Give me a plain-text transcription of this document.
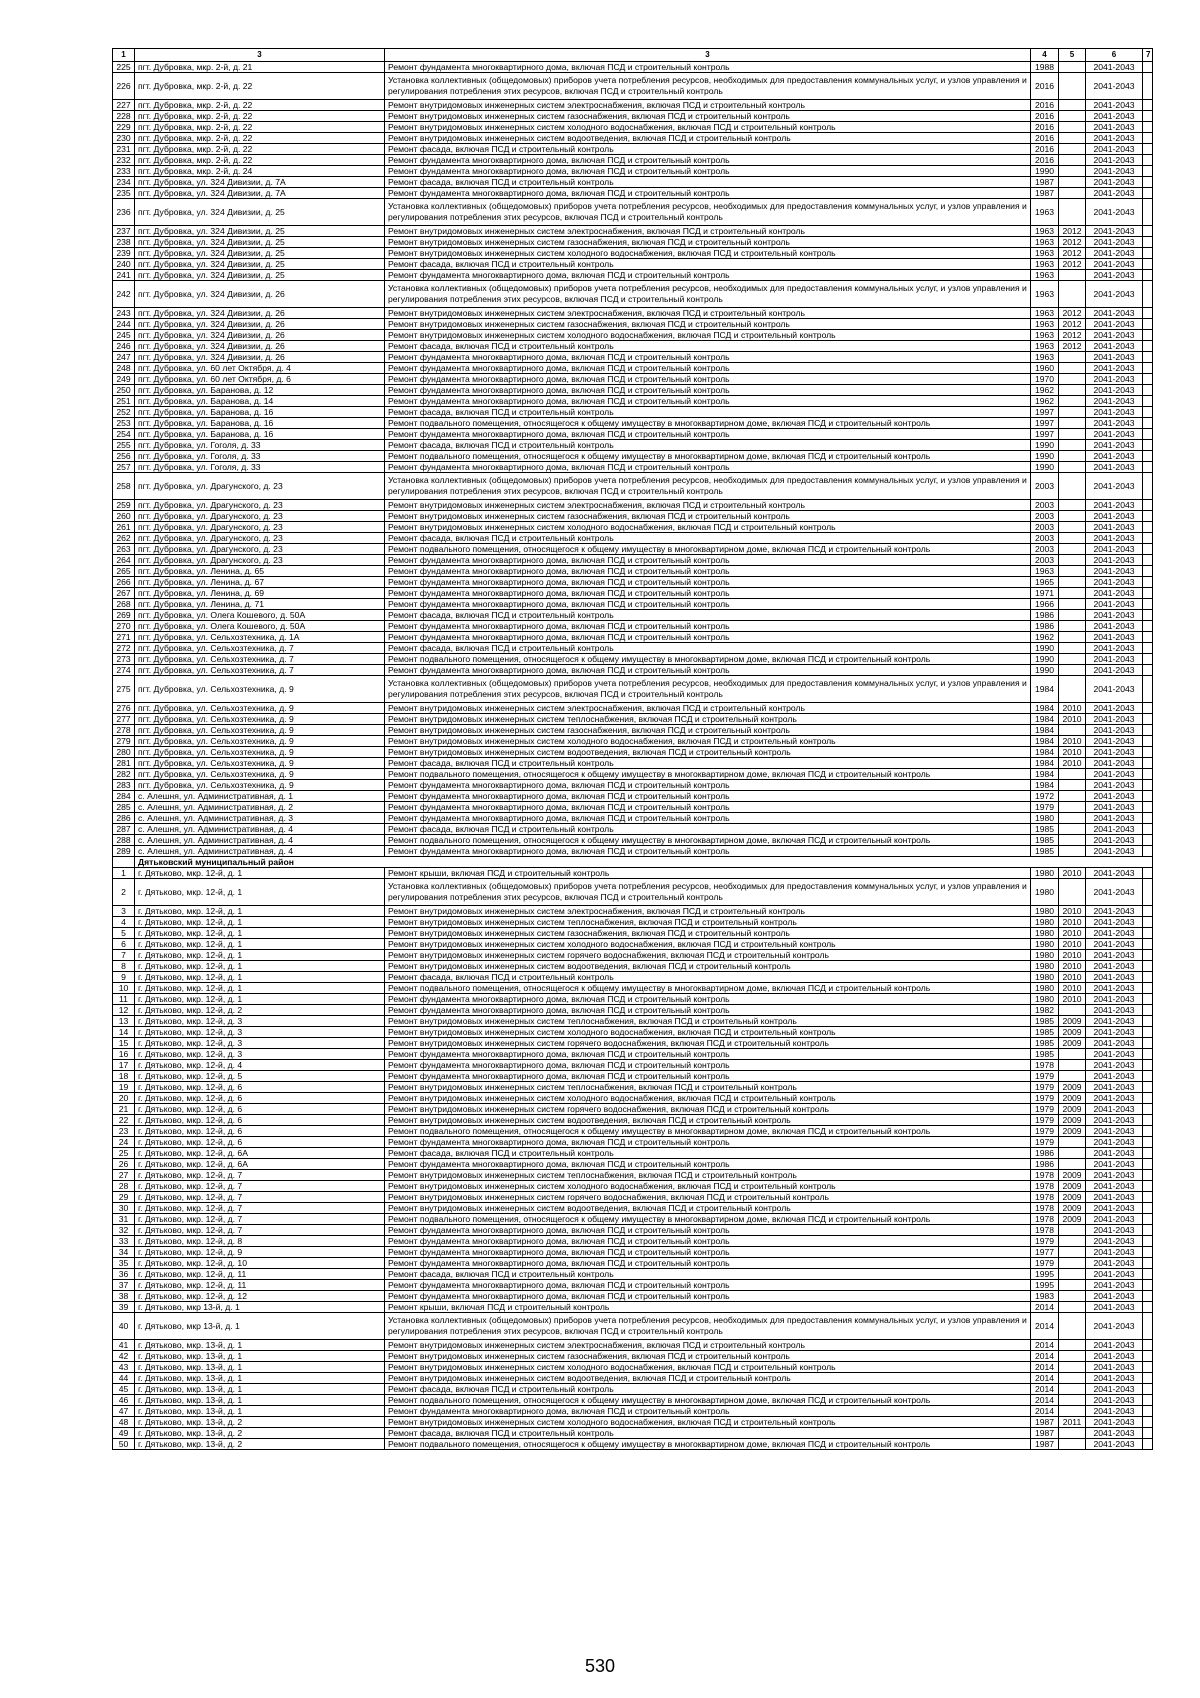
1	3	3	4	5	6	7
225	пгт. Дубровка, мкр. 2-й, д. 21	Ремонт фундамента многоквартирного дома, включая ПСД и строительный контроль	1988		2041-2043	
226	пгт. Дубровка, мкр. 2-й, д. 22	Установка коллективных (общедомовых) приборов учета потребления ресурсов, необходимых для предоставления коммунальных услуг, и узлов управления и регулирования потребления этих ресурсов, включая ПСД и строительный контроль	2016		2041-2043	
227	пгт. Дубровка, мкр. 2-й, д. 22	Ремонт внутридомовых инженерных систем электроснабжения, включая ПСД и строительный контроль	2016		2041-2043	
228	пгт. Дубровка, мкр. 2-й, д. 22	Ремонт внутридомовых инженерных систем газоснабжения, включая ПСД и строительный контроль	2016		2041-2043	
229	пгт. Дубровка, мкр. 2-й, д. 22	Ремонт внутридомовых инженерных систем холодного водоснабжения, включая ПСД и строительный контроль	2016		2041-2043	
230	пгт. Дубровка, мкр. 2-й, д. 22	Ремонт внутридомовых инженерных систем водоотведения, включая ПСД и строительный контроль	2016		2041-2043	
231	пгт. Дубровка, мкр. 2-й, д. 22	Ремонт фасада, включая ПСД и строительный контроль	2016		2041-2043	
232	пгт. Дубровка, мкр. 2-й, д. 22	Ремонт фундамента многоквартирного дома, включая ПСД и строительный контроль	2016		2041-2043	
233	пгт. Дубровка, мкр. 2-й, д. 24	Ремонт фундамента многоквартирного дома, включая ПСД и строительный контроль	1990		2041-2043	
234	пгт. Дубровка, ул. 324 Дивизии, д. 7А	Ремонт фасада, включая ПСД и строительный контроль	1987		2041-2043	
235	пгт. Дубровка, ул. 324 Дивизии, д. 7А	Ремонт фундамента многоквартирного дома, включая ПСД и строительный контроль	1987		2041-2043	
236	пгт. Дубровка, ул. 324 Дивизии, д. 25	Установка коллективных (общедомовых) приборов учета потребления ресурсов, необходимых для предоставления коммунальных услуг, и узлов управления и регулирования потребления этих ресурсов, включая ПСД и строительный контроль	1963		2041-2043	
237	пгт. Дубровка, ул. 324 Дивизии, д. 25	Ремонт внутридомовых инженерных систем электроснабжения, включая ПСД и строительный контроль	1963	2012	2041-2043	
238	пгт. Дубровка, ул. 324 Дивизии, д. 25	Ремонт внутридомовых инженерных систем газоснабжения, включая ПСД и строительный контроль	1963	2012	2041-2043	
239	пгт. Дубровка, ул. 324 Дивизии, д. 25	Ремонт внутридомовых инженерных систем холодного водоснабжения, включая ПСД и строительный контроль	1963	2012	2041-2043	
240	пгт. Дубровка, ул. 324 Дивизии, д. 25	Ремонт фасада, включая ПСД и строительный контроль	1963	2012	2041-2043	
241	пгт. Дубровка, ул. 324 Дивизии, д. 25	Ремонт фундамента многоквартирного дома, включая ПСД и строительный контроль	1963		2041-2043	
242	пгт. Дубровка, ул. 324 Дивизии, д. 26	Установка коллективных (общедомовых) приборов учета потребления ресурсов, необходимых для предоставления коммунальных услуг, и узлов управления и регулирования потребления этих ресурсов, включая ПСД и строительный контроль	1963		2041-2043	
243	пгт. Дубровка, ул. 324 Дивизии, д. 26	Ремонт внутридомовых инженерных систем электроснабжения, включая ПСД и строительный контроль	1963	2012	2041-2043	
244	пгт. Дубровка, ул. 324 Дивизии, д. 26	Ремонт внутридомовых инженерных систем газоснабжения, включая ПСД и строительный контроль	1963	2012	2041-2043	
245	пгт. Дубровка, ул. 324 Дивизии, д. 26	Ремонт внутридомовых инженерных систем холодного водоснабжения, включая ПСД и строительный контроль	1963	2012	2041-2043	
246	пгт. Дубровка, ул. 324 Дивизии, д. 26	Ремонт фасада, включая ПСД и строительный контроль	1963	2012	2041-2043	
247	пгт. Дубровка, ул. 324 Дивизии, д. 26	Ремонт фундамента многоквартирного дома, включая ПСД и строительный контроль	1963		2041-2043	
248	пгт. Дубровка, ул. 60 лет Октября, д. 4	Ремонт фундамента многоквартирного дома, включая ПСД и строительный контроль	1960		2041-2043	
249	пгт. Дубровка, ул. 60 лет Октября, д. 6	Ремонт фундамента многоквартирного дома, включая ПСД и строительный контроль	1970		2041-2043	
250	пгт. Дубровка, ул. Баранова, д. 12	Ремонт фундамента многоквартирного дома, включая ПСД и строительный контроль	1962		2041-2043	
251	пгт. Дубровка, ул. Баранова, д. 14	Ремонт фундамента многоквартирного дома, включая ПСД и строительный контроль	1962		2041-2043	
252	пгт. Дубровка, ул. Баранова, д. 16	Ремонт фасада, включая ПСД и строительный контроль	1997		2041-2043	
253	пгт. Дубровка, ул. Баранова, д. 16	Ремонт подвального помещения, относящегося к общему имуществу в многоквартирном доме, включая ПСД и строительный контроль	1997		2041-2043	
254	пгт. Дубровка, ул. Баранова, д. 16	Ремонт фундамента многоквартирного дома, включая ПСД и строительный контроль	1997		2041-2043	
255	пгт. Дубровка, ул. Гоголя, д. 33	Ремонт фасада, включая ПСД и строительный контроль	1990		2041-2043	
256	пгт. Дубровка, ул. Гоголя, д. 33	Ремонт подвального помещения, относящегося к общему имуществу в многоквартирном доме, включая ПСД и строительный контроль	1990		2041-2043	
257	пгт. Дубровка, ул. Гоголя, д. 33	Ремонт фундамента многоквартирного дома, включая ПСД и строительный контроль	1990		2041-2043	
258	пгт. Дубровка, ул. Драгунского, д. 23	Установка коллективных (общедомовых) приборов учета потребления ресурсов, необходимых для предоставления коммунальных услуг, и узлов управления и регулирования потребления этих ресурсов, включая ПСД и строительный контроль	2003		2041-2043	
259	пгт. Дубровка, ул. Драгунского, д. 23	Ремонт внутридомовых инженерных систем электроснабжения, включая ПСД и строительный контроль	2003		2041-2043	
260	пгт. Дубровка, ул. Драгунского, д. 23	Ремонт внутридомовых инженерных систем газоснабжения, включая ПСД и строительный контроль	2003		2041-2043	
261	пгт. Дубровка, ул. Драгунского, д. 23	Ремонт внутридомовых инженерных систем холодного водоснабжения, включая ПСД и строительный контроль	2003		2041-2043	
262	пгт. Дубровка, ул. Драгунского, д. 23	Ремонт фасада, включая ПСД и строительный контроль	2003		2041-2043	
263	пгт. Дубровка, ул. Драгунского, д. 23	Ремонт подвального помещения, относящегося к общему имуществу в многоквартирном доме, включая ПСД и строительный контроль	2003		2041-2043	
264	пгт. Дубровка, ул. Драгунского, д. 23	Ремонт фундамента многоквартирного дома, включая ПСД и строительный контроль	2003		2041-2043	
265	пгт. Дубровка, ул. Ленина, д. 65	Ремонт фундамента многоквартирного дома, включая ПСД и строительный контроль	1963		2041-2043	
266	пгт. Дубровка, ул. Ленина, д. 67	Ремонт фундамента многоквартирного дома, включая ПСД и строительный контроль	1965		2041-2043	
267	пгт. Дубровка, ул. Ленина, д. 69	Ремонт фундамента многоквартирного дома, включая ПСД и строительный контроль	1971		2041-2043	
268	пгт. Дубровка, ул. Ленина, д. 71	Ремонт фундамента многоквартирного дома, включая ПСД и строительный контроль	1966		2041-2043	
269	пгт. Дубровка, ул. Олега Кошевого, д. 50А	Ремонт фасада, включая ПСД и строительный контроль	1986		2041-2043	
270	пгт. Дубровка, ул. Олега Кошевого, д. 50А	Ремонт фундамента многоквартирного дома, включая ПСД и строительный контроль	1986		2041-2043	
271	пгт. Дубровка, ул. Сельхозтехника, д. 1А	Ремонт фундамента многоквартирного дома, включая ПСД и строительный контроль	1962		2041-2043	
272	пгт. Дубровка, ул. Сельхозтехника, д. 7	Ремонт фасада, включая ПСД и строительный контроль	1990		2041-2043	
273	пгт. Дубровка, ул. Сельхозтехника, д. 7	Ремонт подвального помещения, относящегося к общему имуществу в многоквартирном доме, включая ПСД и строительный контроль	1990		2041-2043	
274	пгт. Дубровка, ул. Сельхозтехника, д. 7	Ремонт фундамента многоквартирного дома, включая ПСД и строительный контроль	1990		2041-2043	
275	пгт. Дубровка, ул. Сельхозтехника, д. 9	Установка коллективных (общедомовых) приборов учета потребления ресурсов, необходимых для предоставления коммунальных услуг, и узлов управления и регулирования потребления этих ресурсов, включая ПСД и строительный контроль	1984		2041-2043	
276	пгт. Дубровка, ул. Сельхозтехника, д. 9	Ремонт внутридомовых инженерных систем электроснабжения, включая ПСД и строительный контроль	1984	2010	2041-2043	
277	пгт. Дубровка, ул. Сельхозтехника, д. 9	Ремонт внутридомовых инженерных систем теплоснабжения, включая ПСД и строительный контроль	1984	2010	2041-2043	
278	пгт. Дубровка, ул. Сельхозтехника, д. 9	Ремонт внутридомовых инженерных систем газоснабжения, включая ПСД и строительный контроль	1984		2041-2043	
279	пгт. Дубровка, ул. Сельхозтехника, д. 9	Ремонт внутридомовых инженерных систем холодного водоснабжения, включая ПСД и строительный контроль	1984	2010	2041-2043	
280	пгт. Дубровка, ул. Сельхозтехника, д. 9	Ремонт внутридомовых инженерных систем водоотведения, включая ПСД и строительный контроль	1984	2010	2041-2043	
281	пгт. Дубровка, ул. Сельхозтехника, д. 9	Ремонт фасада, включая ПСД и строительный контроль	1984	2010	2041-2043	
282	пгт. Дубровка, ул. Сельхозтехника, д. 9	Ремонт подвального помещения, относящегося к общему имуществу в многоквартирном доме, включая ПСД и строительный контроль	1984		2041-2043	
283	пгт. Дубровка, ул. Сельхозтехника, д. 9	Ремонт фундамента многоквартирного дома, включая ПСД и строительный контроль	1984		2041-2043	
284	с. Алешня, ул. Административная, д. 1	Ремонт фундамента многоквартирного дома, включая ПСД и строительный контроль	1972		2041-2043	
285	с. Алешня, ул. Административная, д. 2	Ремонт фундамента многоквартирного дома, включая ПСД и строительный контроль	1979		2041-2043	
286	с. Алешня, ул. Административная, д. 3	Ремонт фундамента многоквартирного дома, включая ПСД и строительный контроль	1980		2041-2043	
287	с. Алешня, ул. Административная, д. 4	Ремонт фасада, включая ПСД и строительный контроль	1985		2041-2043	
288	с. Алешня, ул. Административная, д. 4	Ремонт подвального помещения, относящегося к общему имуществу в многоквартирном доме, включая ПСД и строительный контроль	1985		2041-2043	
289	с. Алешня, ул. Административная, д. 4	Ремонт фундамента многоквартирного дома, включая ПСД и строительный контроль	1985		2041-2043	
	Дятьковский муниципальный район					
1	г. Дятьково, мкр. 12-й, д. 1	Ремонт крыши, включая ПСД и строительный контроль	1980	2010	2041-2043	
2	г. Дятьково, мкр. 12-й, д. 1	Установка коллективных (общедомовых) приборов учета потребления ресурсов, необходимых для предоставления коммунальных услуг, и узлов управления и регулирования потребления этих ресурсов, включая ПСД и строительный контроль	1980		2041-2043	
3	г. Дятьково, мкр. 12-й, д. 1	Ремонт внутридомовых инженерных систем электроснабжения, включая ПСД и строительный контроль	1980	2010	2041-2043	
4	г. Дятьково, мкр. 12-й, д. 1	Ремонт внутридомовых инженерных систем теплоснабжения, включая ПСД и строительный контроль	1980	2010	2041-2043	
5	г. Дятьково, мкр. 12-й, д. 1	Ремонт внутридомовых инженерных систем газоснабжения, включая ПСД и строительный контроль	1980	2010	2041-2043	
6	г. Дятьково, мкр. 12-й, д. 1	Ремонт внутридомовых инженерных систем холодного водоснабжения, включая ПСД и строительный контроль	1980	2010	2041-2043	
7	г. Дятьково, мкр. 12-й, д. 1	Ремонт внутридомовых инженерных систем горячего водоснабжения, включая ПСД и строительный контроль	1980	2010	2041-2043	
8	г. Дятьково, мкр. 12-й, д. 1	Ремонт внутридомовых инженерных систем водоотведения, включая ПСД и строительный контроль	1980	2010	2041-2043	
9	г. Дятьково, мкр. 12-й, д. 1	Ремонт фасада, включая ПСД и строительный контроль	1980	2010	2041-2043	
10	г. Дятьково, мкр. 12-й, д. 1	Ремонт подвального помещения, относящегося к общему имуществу в многоквартирном доме, включая ПСД и строительный контроль	1980	2010	2041-2043	
11	г. Дятьково, мкр. 12-й, д. 1	Ремонт фундамента многоквартирного дома, включая ПСД и строительный контроль	1980	2010	2041-2043	
12	г. Дятьково, мкр. 12-й, д. 2	Ремонт фундамента многоквартирного дома, включая ПСД и строительный контроль	1982		2041-2043	
13	г. Дятьково, мкр. 12-й, д. 3	Ремонт внутридомовых инженерных систем теплоснабжения, включая ПСД и строительный контроль	1985	2009	2041-2043	
14	г. Дятьково, мкр. 12-й, д. 3	Ремонт внутридомовых инженерных систем холодного водоснабжения, включая ПСД и строительный контроль	1985	2009	2041-2043	
15	г. Дятьково, мкр. 12-й, д. 3	Ремонт внутридомовых инженерных систем горячего водоснабжения, включая ПСД и строительный контроль	1985	2009	2041-2043	
16	г. Дятьково, мкр. 12-й, д. 3	Ремонт фундамента многоквартирного дома, включая ПСД и строительный контроль	1985		2041-2043	
17	г. Дятьково, мкр. 12-й, д. 4	Ремонт фундамента многоквартирного дома, включая ПСД и строительный контроль	1978		2041-2043	
18	г. Дятьково, мкр. 12-й, д. 5	Ремонт фундамента многоквартирного дома, включая ПСД и строительный контроль	1979		2041-2043	
19	г. Дятьково, мкр. 12-й, д. 6	Ремонт внутридомовых инженерных систем теплоснабжения, включая ПСД и строительный контроль	1979	2009	2041-2043	
20	г. Дятьково, мкр. 12-й, д. 6	Ремонт внутридомовых инженерных систем холодного водоснабжения, включая ПСД и строительный контроль	1979	2009	2041-2043	
21	г. Дятьково, мкр. 12-й, д. 6	Ремонт внутридомовых инженерных систем горячего водоснабжения, включая ПСД и строительный контроль	1979	2009	2041-2043	
22	г. Дятьково, мкр. 12-й, д. 6	Ремонт внутридомовых инженерных систем водоотведения, включая ПСД и строительный контроль	1979	2009	2041-2043	
23	г. Дятьково, мкр. 12-й, д. 6	Ремонт подвального помещения, относящегося к общему имуществу в многоквартирном доме, включая ПСД и строительный контроль	1979	2009	2041-2043	
24	г. Дятьково, мкр. 12-й, д. 6	Ремонт фундамента многоквартирного дома, включая ПСД и строительный контроль	1979		2041-2043	
25	г. Дятьково, мкр. 12-й, д. 6А	Ремонт фасада, включая ПСД и строительный контроль	1986		2041-2043	
26	г. Дятьково, мкр. 12-й, д. 6А	Ремонт фундамента многоквартирного дома, включая ПСД и строительный контроль	1986		2041-2043	
27	г. Дятьково, мкр. 12-й, д. 7	Ремонт внутридомовых инженерных систем теплоснабжения, включая ПСД и строительный контроль	1978	2009	2041-2043	
28	г. Дятьково, мкр. 12-й, д. 7	Ремонт внутридомовых инженерных систем холодного водоснабжения, включая ПСД и строительный контроль	1978	2009	2041-2043	
29	г. Дятьково, мкр. 12-й, д. 7	Ремонт внутридомовых инженерных систем горячего водоснабжения, включая ПСД и строительный контроль	1978	2009	2041-2043	
30	г. Дятьково, мкр. 12-й, д. 7	Ремонт внутридомовых инженерных систем водоотведения, включая ПСД и строительный контроль	1978	2009	2041-2043	
31	г. Дятьково, мкр. 12-й, д. 7	Ремонт подвального помещения, относящегося к общему имуществу в многоквартирном доме, включая ПСД и строительный контроль	1978	2009	2041-2043	
32	г. Дятьково, мкр. 12-й, д. 7	Ремонт фундамента многоквартирного дома, включая ПСД и строительный контроль	1978		2041-2043	
33	г. Дятьково, мкр. 12-й, д. 8	Ремонт фундамента многоквартирного дома, включая ПСД и строительный контроль	1979		2041-2043	
34	г. Дятьково, мкр. 12-й, д. 9	Ремонт фундамента многоквартирного дома, включая ПСД и строительный контроль	1977		2041-2043	
35	г. Дятьково, мкр. 12-й, д. 10	Ремонт фундамента многоквартирного дома, включая ПСД и строительный контроль	1979		2041-2043	
36	г. Дятьково, мкр. 12-й, д. 11	Ремонт фасада, включая ПСД и строительный контроль	1995		2041-2043	
37	г. Дятьково, мкр. 12-й, д. 11	Ремонт фундамента многоквартирного дома, включая ПСД и строительный контроль	1995		2041-2043	
38	г. Дятьково, мкр. 12-й, д. 12	Ремонт фундамента многоквартирного дома, включая ПСД и строительный контроль	1983		2041-2043	
39	г. Дятьково, мкр 13-й, д. 1	Ремонт крыши, включая ПСД и строительный контроль	2014		2041-2043	
40	г. Дятьково, мкр 13-й, д. 1	Установка коллективных (общедомовых) приборов учета потребления ресурсов, необходимых для предоставления коммунальных услуг, и узлов управления и регулирования потребления этих ресурсов, включая ПСД и строительный контроль	2014		2041-2043	
41	г. Дятьково, мкр. 13-й, д. 1	Ремонт внутридомовых инженерных систем электроснабжения, включая ПСД и строительный контроль	2014		2041-2043	
42	г. Дятьково, мкр. 13-й, д. 1	Ремонт внутридомовых инженерных систем газоснабжения, включая ПСД и строительный контроль	2014		2041-2043	
43	г. Дятьково, мкр. 13-й, д. 1	Ремонт внутридомовых инженерных систем холодного водоснабжения, включая ПСД и строительный контроль	2014		2041-2043	
44	г. Дятьково, мкр. 13-й, д. 1	Ремонт внутридомовых инженерных систем водоотведения, включая ПСД и строительный контроль	2014		2041-2043	
45	г. Дятьково, мкр. 13-й, д. 1	Ремонт фасада, включая ПСД и строительный контроль	2014		2041-2043	
46	г. Дятьково, мкр. 13-й, д. 1	Ремонт подвального помещения, относящегося к общему имуществу в многоквартирном доме, включая ПСД и строительный контроль	2014		2041-2043	
47	г. Дятьково, мкр. 13-й, д. 1	Ремонт фундамента многоквартирного дома, включая ПСД и строительный контроль	2014		2041-2043	
48	г. Дятьково, мкр. 13-й, д. 2	Ремонт внутридомовых инженерных систем холодного водоснабжения, включая ПСД и строительный контроль	1987	2011	2041-2043	
49	г. Дятьково, мкр. 13-й, д. 2	Ремонт фасада, включая ПСД и строительный контроль	1987		2041-2043	
50	г. Дятьково, мкр. 13-й, д. 2	Ремонт подвального помещения, относящегося к общему имуществу в многоквартирном доме, включая ПСД и строительный контроль	1987		2041-2043	
530
